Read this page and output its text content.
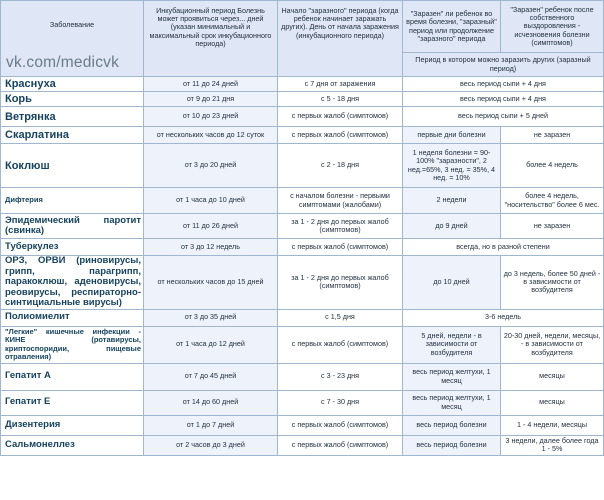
Заболевание	Инкубационный период Болезнь может проявиться через... дней (указан минимальный и максимальный срок инкубационного периода)	Начало "заразного" периода (когда ребенок начинает заражать других). День от начала заражения (инкубационного периода)	"Заразен" ли ребенок во время болезни, "заразный" период или продолжение "заразного" периода	"Заразен" ребенок после собственного выздоровления - исчезновения болезни (симптомов)

			Период в котором можно заразить других (заразный период)	

Краснуха	от 11 до 24 дней	с 7 дня от заражения	весь период сыпи + 4 дня	

Корь	от 9 до 21 дня	с 5 - 18 дня	весь период сыпи + 4 дня	

Ветрянка	от 10 до 23 дней	с первых жалоб (симптомов)	весь период сыпи + 5 дней	

Скарлатина	от нескольких часов до 12 суток	с первых жалоб (симптомов)	первые дни болезни	не заразен

Коклюш	от 3 до 20 дней	с 2 - 18 дня	1 неделя болезни = 90-100% "заразности", 2 нед.=65%, 3 нед. = 35%, 4 нед. = 10%	более 4 недель

Дифтерия	от 1 часа до 10 дней	с началом болезни - первыми симптомами (жалобами)	2 недели	более 4 недель, "носительство" более 6 мес.

Эпидемический паротит (свинка)	от 11 до 26 дней	за 1 - 2 дня до первых жалоб (симптомов)	до 9 дней	не заразен

Туберкулез	от 3 до 12 недель	с первых жалоб (симптомов)	всегда, но в разной степени	

ОРЗ, ОРВИ (риновирусы, грипп, парагрипп, паракоклюш, аденовирусы, реовирусы, респираторно-синтициальные вирусы)	от нескольких часов до 15 дней	за 1 - 2 дня до первых жалоб (симптомов)	до 10 дней	до 3 недель, более 50 дней - в зависимости от возбудителя

Полиомиелит	от 3 до 35 дней	с 1,5 дня	3-6 недель	

"Легкие" кишечные инфекции - КИНЕ (ротавирусы, криптоспоридии, пищевые отравления)	от 1 часа до 12 дней	с первых жалоб (симптомов)	5 дней, недели - в зависимости от возбудителя	20-30 дней, недели, месяцы, - в зависимости от возбудителя

Гепатит А	от 7 до 45 дней	с 3 - 23 дня	весь период желтухи, 1 месяц	месяцы

Гепатит Е	от 14 до 60 дней	с 7 - 30 дня	весь период желтухи, 1 месяц	месяцы

Дизентерия	от 1 до 7 дней	с первых жалоб (симптомов)	весь период болезни	1 - 4 недели, месяцы

Сальмонеллез	от 2 часов до 3 дней	с первых жалоб (симптомов)	весь период болезни	3 недели, далее более года 1 - 5%
vk.com/medicvk
